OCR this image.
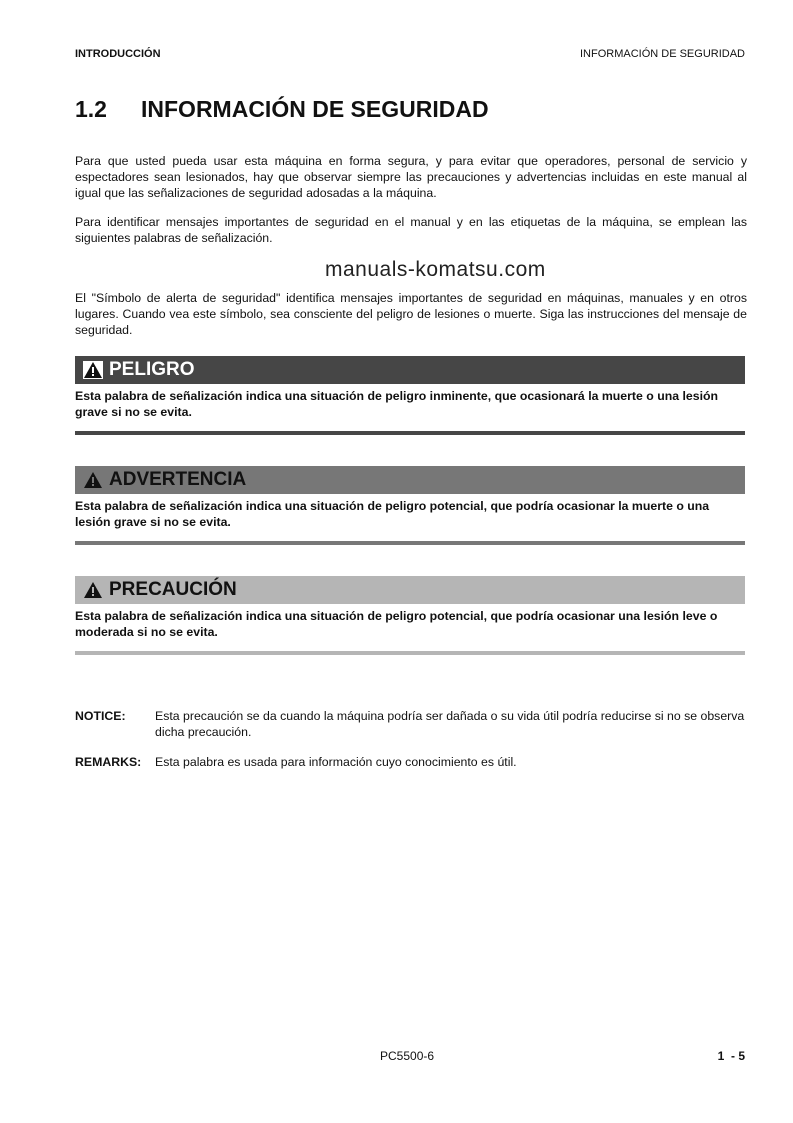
INTRODUCCIÓN	INFORMACIÓN DE SEGURIDAD
1.2 INFORMACIÓN DE SEGURIDAD
Para que usted pueda usar esta máquina en forma segura, y para evitar que operadores, personal de servicio y espectadores sean lesionados, hay que observar siempre las precauciones y advertencias incluidas en este manual al igual que las señalizaciones de seguridad adosadas a la máquina.
Para identificar mensajes importantes de seguridad en el manual y en las etiquetas de la máquina, se emplean las siguientes palabras de señalización.
manuals-komatsu.com
El "Símbolo de alerta de seguridad" identifica mensajes importantes de seguridad en máquinas, manuales y en otros lugares. Cuando vea este símbolo, sea consciente del peligro de lesiones o muerte. Siga las instrucciones del mensaje de seguridad.
PELIGRO
Esta palabra de señalización indica una situación de peligro inminente, que ocasionará la muerte o una lesión grave si no se evita.
ADVERTENCIA
Esta palabra de señalización indica una situación de peligro potencial, que podría ocasionar la muerte o una lesión grave si no se evita.
PRECAUCIÓN
Esta palabra de señalización indica una situación de peligro potencial, que podría ocasionar una lesión leve o moderada si no se evita.
NOTICE:	Esta precaución se da cuando la máquina podría ser dañada o su vida útil podría reducirse si no se observa dicha precaución.
REMARKS:	Esta palabra es usada para información cuyo conocimiento es útil.
PC5500-6	1  - 5
